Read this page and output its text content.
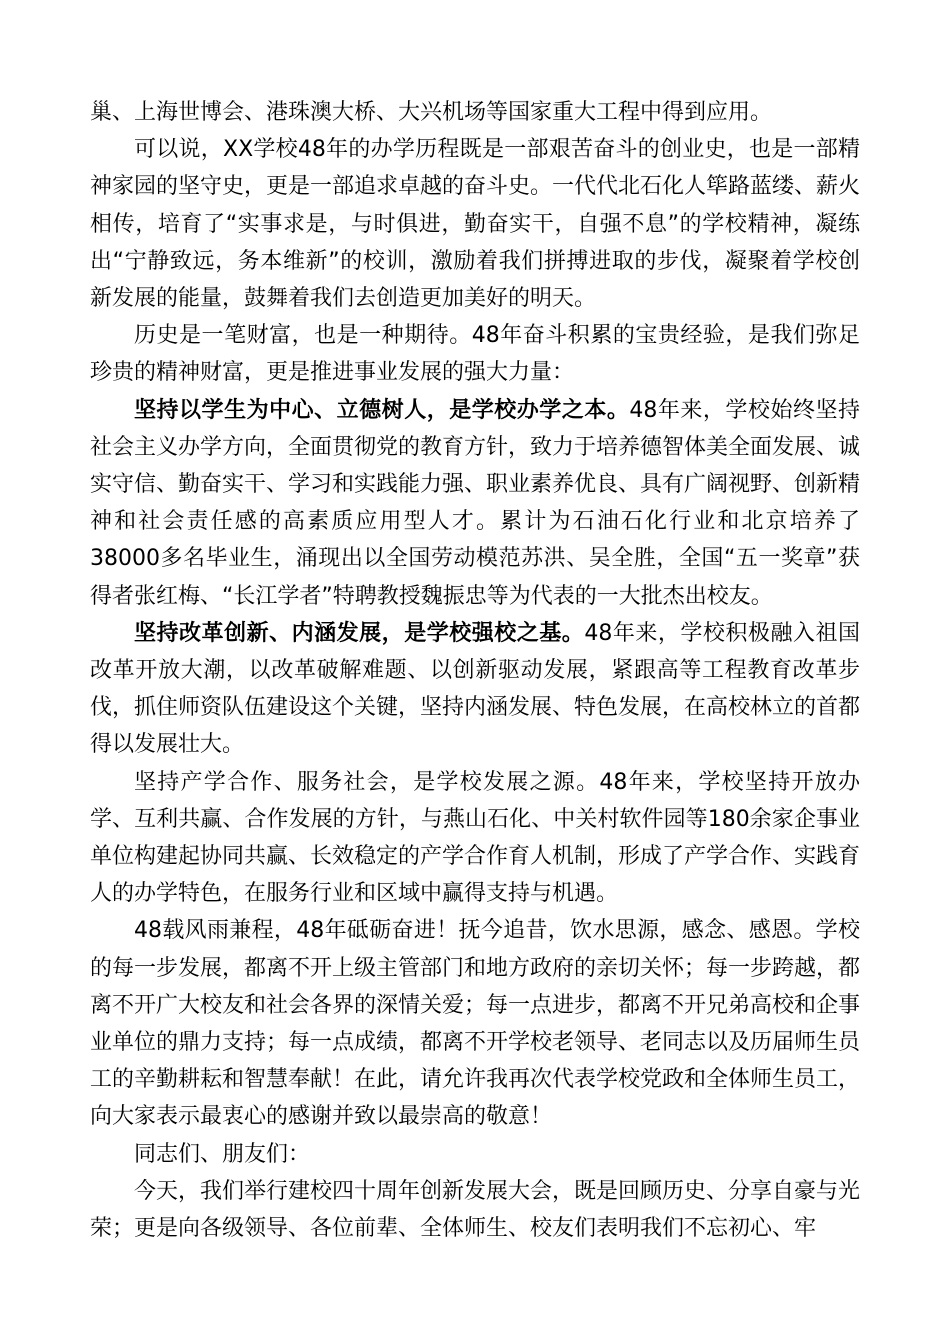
巢、上海世博会、港珠澳大桥、大兴机场等国家重大工程中得到应用。

可以说，XX学校48年的办学历程既是一部艰苦奋斗的创业史，也是一部精神家园的坚守史，更是一部追求卓越的奋斗史。一代代北石化人筚路蓝缕、薪火相传，培育了“实事求是，与时俱进，勤奋实干，自强不息”的学校精神，凝练出“宁静致远，务本维新”的校训，激励着我们拼搏进取的步伐，凝聚着学校创新发展的能量，鼓舞着我们去创造更加美好的明天。

历史是一笔财富，也是一种期待。48年奋斗积累的宝贵经验，是我们弥足珍贵的精神财富，更是推进事业发展的强大力量：

坚持以学生为中心、立德树人，是学校办学之本。48年来，学校始终坚持社会主义办学方向，全面贯彻党的教育方针，致力于培养德智体美全面发展、诚实守信、勤奋实干、学习和实践能力强、职业素养优良、具有广阔视野、创新精神和社会责任感的高素质应用型人才。累计为石油石化行业和北京培养了38000多名毕业生，涌现出以全国劳动模范苏洪、吴全胜，全国“五一奖章”获得者张红梅、“长江学者”特聘教授魏振忠等为代表的一大批杰出校友。

坚持改革创新、内涵发展，是学校强校之基。48年来，学校积极融入祖国改革开放大潮，以改革破解难题、以创新驱动发展，紧跟高等工程教育改革步伐，抓住师资队伍建设这个关键，坚持内涵发展、特色发展，在高校林立的首都得以发展壮大。

坚持产学合作、服务社会，是学校发展之源。48年来，学校坚持开放办学、互利共赢、合作发展的方针，与燕山石化、中关村软件园等180余家企事业单位构建起协同共赢、长效稳定的产学合作育人机制，形成了产学合作、实践育人的办学特色，在服务行业和区域中赢得支持与机遇。

48载风雨兼程，48年砥砺奋进！抚今追昔，饮水思源，感念、感恩。学校的每一步发展，都离不开上级主管部门和地方政府的亲切关怀；每一步跨越，都离不开广大校友和社会各界的深情关爱；每一点进步，都离不开兄弟高校和企事业单位的鼎力支持；每一点成绩，都离不开学校老领导、老同志以及历届师生员工的辛勤耕耘和智慧奉献！在此，请允许我再次代表学校党政和全体师生员工，向大家表示最衷心的感谢并致以最崇高的敬意！

同志们、朋友们：

今天，我们举行建校四十周年创新发展大会，既是回顾历史、分享自豪与光荣；更是向各级领导、各位前辈、全体师生、校友们表明我们不忘初心、牢
